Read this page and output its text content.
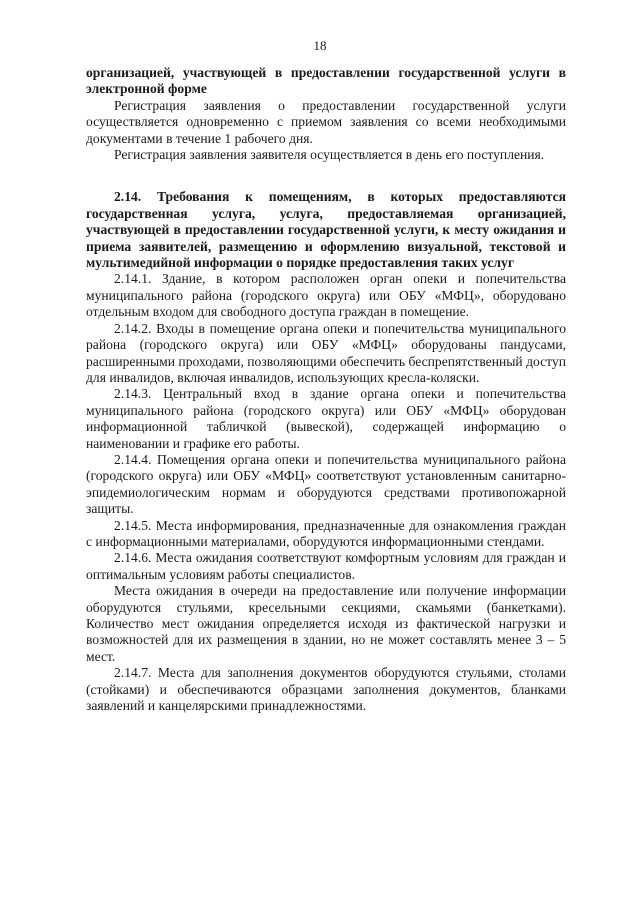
18

организацией, участвующей в предоставлении государственной услуги в электронной форме

Регистрация заявления о предоставлении государственной услуги осуществляется одновременно с приемом заявления со всеми необходимыми документами в течение 1 рабочего дня.

Регистрация заявления заявителя осуществляется в день его поступления.

2.14. Требования к помещениям, в которых предоставляются государственная услуга, услуга, предоставляемая организацией, участвующей в предоставлении государственной услуги, к месту ожидания и приема заявителей, размещению и оформлению визуальной, текстовой и мультимедийной информации о порядке предоставления таких услуг

2.14.1. Здание, в котором расположен орган опеки и попечительства муниципального района (городского округа) или ОБУ «МФЦ», оборудовано отдельным входом для свободного доступа граждан в помещение.

2.14.2. Входы в помещение органа опеки и попечительства муниципального района (городского округа) или ОБУ «МФЦ» оборудованы пандусами, расширенными проходами, позволяющими обеспечить беспрепятственный доступ для инвалидов, включая инвалидов, использующих кресла-коляски.

2.14.3. Центральный вход в здание органа опеки и попечительства муниципального района (городского округа) или ОБУ «МФЦ» оборудован информационной табличкой (вывеской), содержащей информацию о наименовании и графике его работы.

2.14.4. Помещения органа опеки и попечительства муниципального района (городского округа) или ОБУ «МФЦ» соответствуют установленным санитарно-эпидемиологическим нормам и оборудуются средствами противопожарной защиты.

2.14.5. Места информирования, предназначенные для ознакомления граждан с информационными материалами, оборудуются информационными стендами.

2.14.6. Места ожидания соответствуют комфортным условиям для граждан и оптимальным условиям работы специалистов.

Места ожидания в очереди на предоставление или получение информации оборудуются стульями, кресельными секциями, скамьями (банкетками). Количество мест ожидания определяется исходя из фактической нагрузки и возможностей для их размещения в здании, но не может составлять менее 3 – 5 мест.

2.14.7. Места для заполнения документов оборудуются стульями, столами (стойками) и обеспечиваются образцами заполнения документов, бланками заявлений и канцелярскими принадлежностями.
